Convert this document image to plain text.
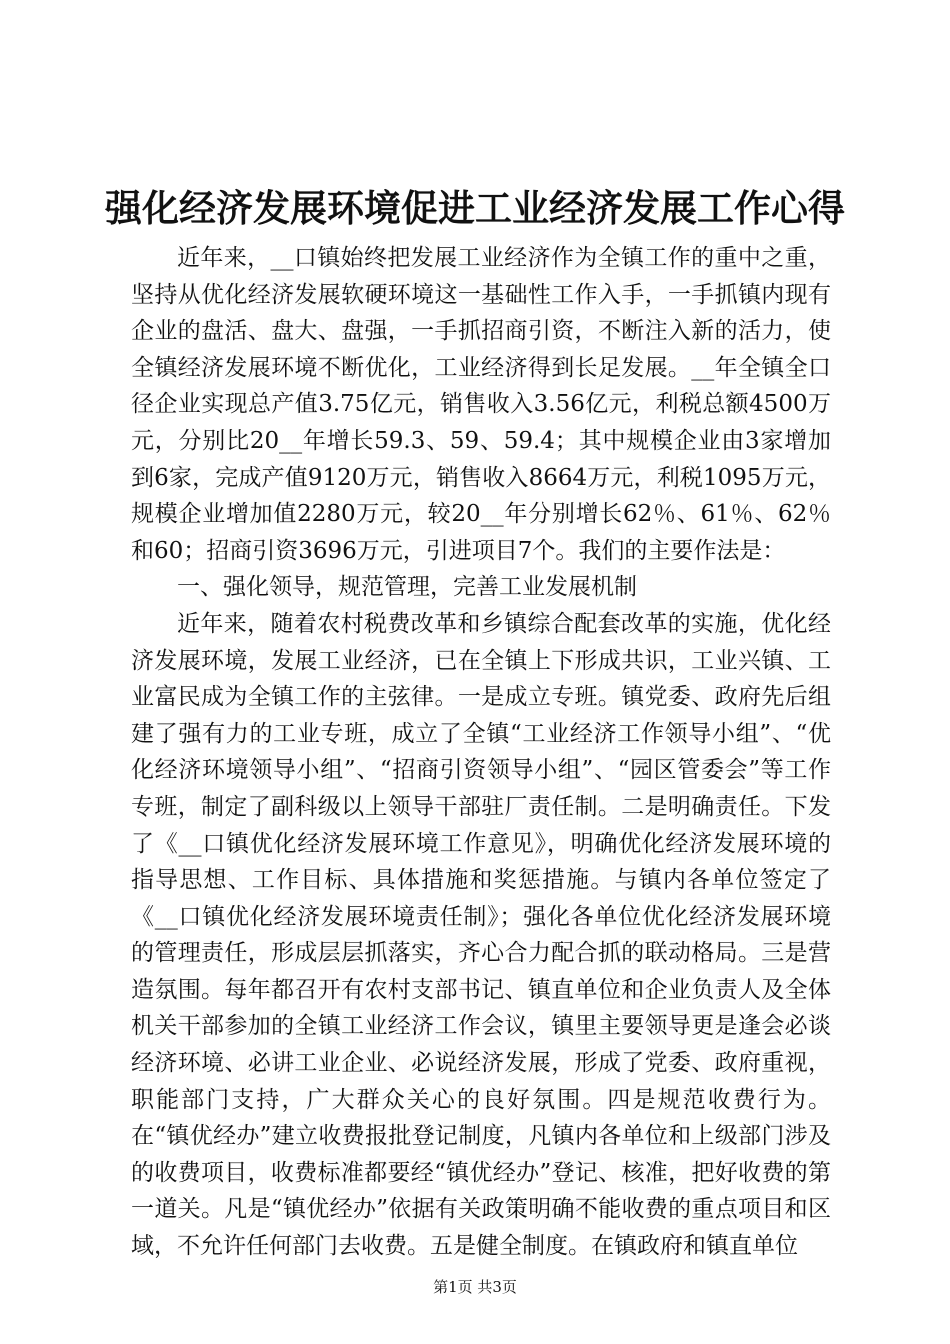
强化经济发展环境促进工业经济发展工作心得

近年来，__口镇始终把发展工业经济作为全镇工作的重中之重，坚持从优化经济发展软硬环境这一基础性工作入手，一手抓镇内现有企业的盘活、盘大、盘强，一手抓招商引资，不断注入新的活力，使全镇经济发展环境不断优化，工业经济得到长足发展。__年全镇全口径企业实现总产值3.75亿元，销售收入3.56亿元，利税总额4500万元，分别比20__年增长59.3、59、59.4；其中规模企业由3家增加到6家，完成产值9120万元，销售收入8664万元，利税1095万元，规模企业增加值2280万元，较20__年分别增长62％、61％、62％和60；招商引资3696万元，引进项目7个。我们的主要作法是：

一、强化领导，规范管理，完善工业发展机制

近年来，随着农村税费改革和乡镇综合配套改革的实施，优化经济发展环境，发展工业经济，已在全镇上下形成共识，工业兴镇、工业富民成为全镇工作的主弦律。一是成立专班。镇党委、政府先后组建了强有力的工业专班，成立了全镇“工业经济工作领导小组”、“优化经济环境领导小组”、“招商引资领导小组”、“园区管委会”等工作专班，制定了副科级以上领导干部驻厂责任制。二是明确责任。下发了《__口镇优化经济发展环境工作意见》，明确优化经济发展环境的指导思想、工作目标、具体措施和奖惩措施。与镇内各单位签定了《__口镇优化经济发展环境责任制》；强化各单位优化经济发展环境的管理责任，形成层层抓落实，齐心合力配合抓的联动格局。三是营造氛围。每年都召开有农村支部书记、镇直单位和企业负责人及全体机关干部参加的全镇工业经济工作会议，镇里主要领导更是逢会必谈经济环境、必讲工业企业、必说经济发展，形成了党委、政府重视，职能部门支持，广大群众关心的良好氛围。四是规范收费行为。在“镇优经办”建立收费报批登记制度，凡镇内各单位和上级部门涉及的收费项目，收费标准都要经“镇优经办”登记、核准，把好收费的第一道关。凡是“镇优经办”依据有关政策明确不能收费的重点项目和区域，不允许任何部门去收费。五是健全制度。在镇政府和镇直单位

第1页 共3页
